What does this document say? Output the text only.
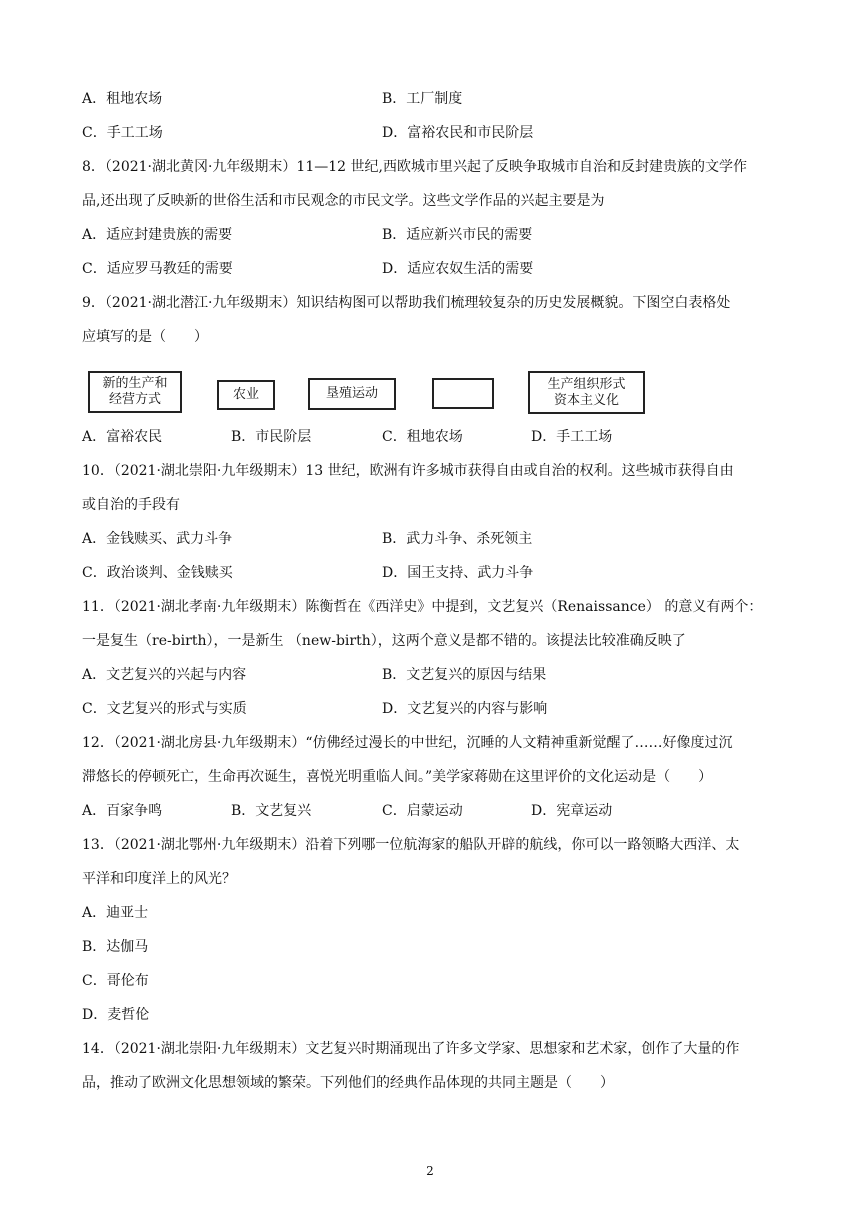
A．租地农场	B．工厂制度
C．手工工场	D．富裕农民和市民阶层
8．（2021·湖北黄冈·九年级期末）11—12 世纪,西欧城市里兴起了反映争取城市自治和反封建贵族的文学作
品,还出现了反映新的世俗生活和市民观念的市民文学。这些文学作品的兴起主要是为
A．适应封建贵族的需要	B．适应新兴市民的需要
C．适应罗马教廷的需要	D．适应农奴生活的需要
9．（2021·湖北潜江·九年级期末）知识结构图可以帮助我们梳理较复杂的历史发展概貌。下图空白表格处
应填写的是（　　）
新的生产和
经营方式	农业	垦殖运动
生产组织形式
资本主义化
A．富裕农民	B．市民阶层	C．租地农场	D．手工工场
10．（2021·湖北崇阳·九年级期末）13 世纪，欧洲有许多城市获得自由或自治的权利。这些城市获得自由
或自治的手段有
A．金钱赎买、武力斗争	B．武力斗争、杀死领主
C．政治谈判、金钱赎买	D．国王支持、武力斗争
11．（2021·湖北孝南·九年级期末）陈衡哲在《西洋史》中提到，文艺复兴（Renaissance） 的意义有两个：
一是复生（re-birth），一是新生 （new-birth），这两个意义是都不错的。该提法比较准确反映了
A．文艺复兴的兴起与内容	B．文艺复兴的原因与结果
C．文艺复兴的形式与实质	D．文艺复兴的内容与影响
12．（2021·湖北房县·九年级期末）“仿佛经过漫长的中世纪，沉睡的人文精神重新觉醒了……好像度过沉
滞悠长的停顿死亡，生命再次诞生，喜悦光明重临人间。”美学家蒋勋在这里评价的文化运动是（　　）
A．百家争鸣	B．文艺复兴	C．启蒙运动	D．宪章运动
13．（2021·湖北鄂州·九年级期末）沿着下列哪一位航海家的船队开辟的航线，你可以一路领略大西洋、太
平洋和印度洋上的风光？
A．迪亚士
B．达伽马
C．哥伦布
D．麦哲伦
14．（2021·湖北崇阳·九年级期末）文艺复兴时期涌现出了许多文学家、思想家和艺术家，创作了大量的作
品，推动了欧洲文化思想领域的繁荣。下列他们的经典作品体现的共同主题是（　　）
2
